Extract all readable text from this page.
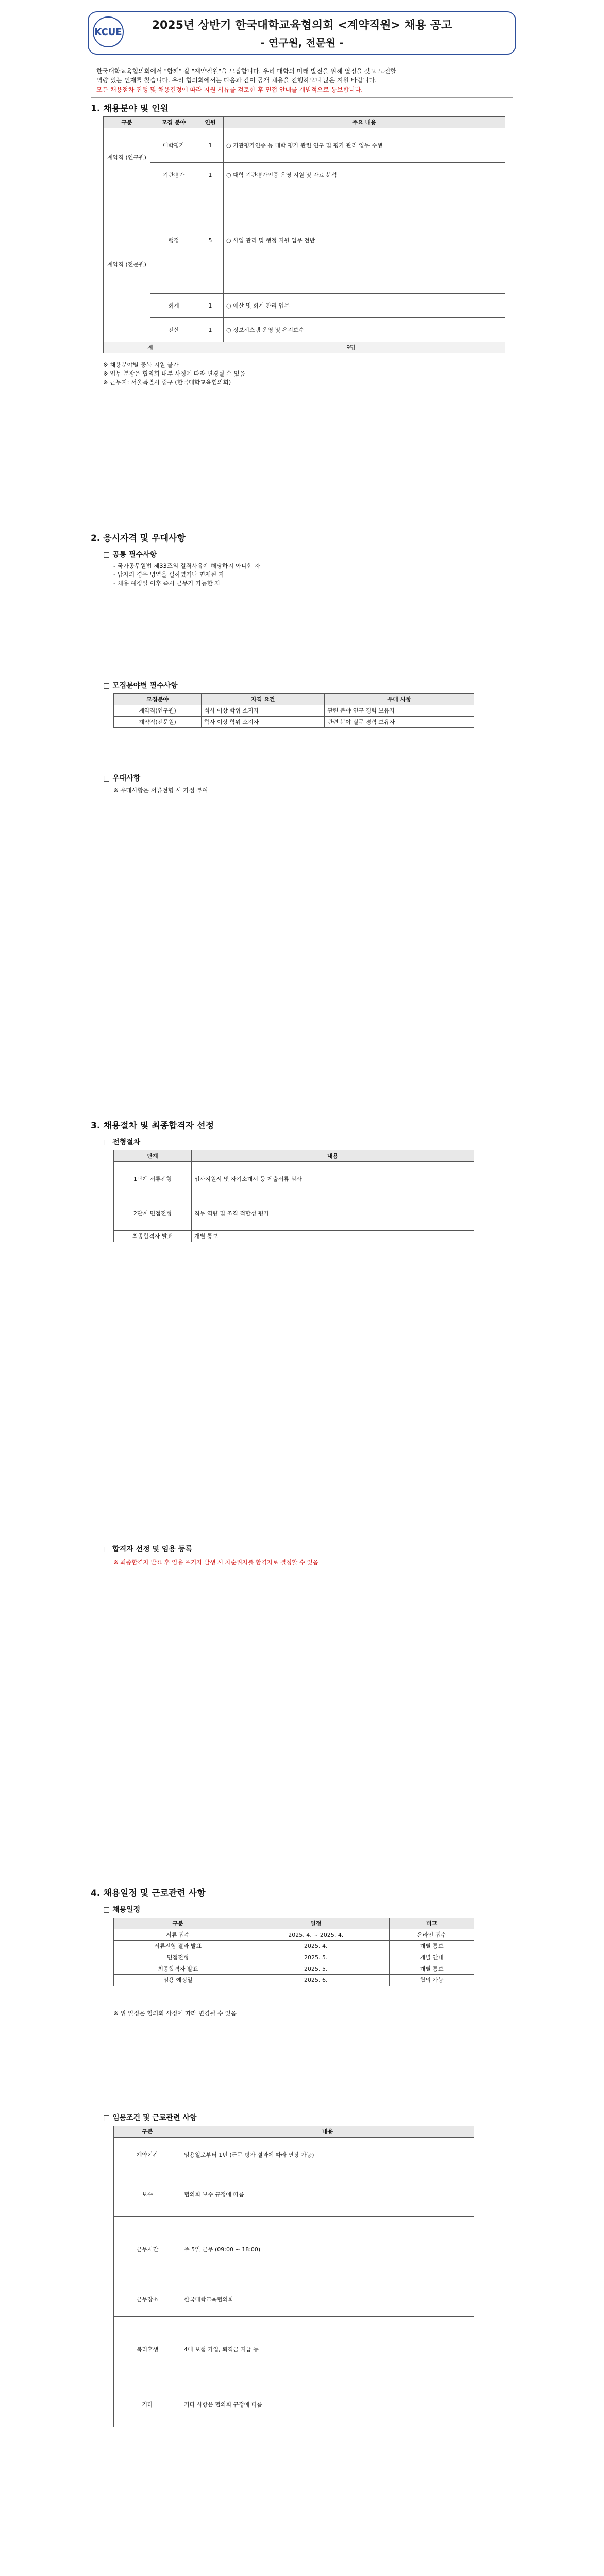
2025년 상반기 한국대학교육협의회 <계약직원> 채용 공고
- 연구원, 전문원 -
KCUE

한국대학교육협의회에서 "함께" 갈 "계약직원"을 모집합니다. 우리 대학의 미래 발전을 위해 열정을 갖고 도전할

역량 있는 인재를 찾습니다. 우리 협의회에서는 다음과 같이 공개 채용을 진행하오니 많은 지원 바랍니다.

모든 채용절차 진행 및 채용결정에 따라 지원 서류를 검토한 후 면접 안내를 개별적으로 통보합니다.

1. 채용분야 및 인원
구분	모집 분야	인원	주요 내용
계약직 (연구원)	대학평가	1	○ 기관평가인증 등 대학 평가 관련 연구 및 평가 관리 업무 수행
	기관평가	1	○ 대학 기관평가인증 운영 지원 및 자료 분석
계약직 (전문원)	행정	5	○ 사업 관리 및 행정 지원 업무 전반
	회계	1	○ 예산 및 회계 관리 업무
	전산	1	○ 정보시스템 운영 및 유지보수
계		9명	

※ 채용분야별 중복 지원 불가

※ 업무 분장은 협의회 내부 사정에 따라 변경될 수 있음

※ 근무지: 서울특별시 중구 (한국대학교육협의회)

2. 응시자격 및 우대사항
□ 공통 필수사항

- 국가공무원법 제33조의 결격사유에 해당하지 아니한 자

- 남자의 경우 병역을 필하였거나 면제된 자

- 채용 예정일 이후 즉시 근무가 가능한 자

□ 모집분야별 필수사항
모집분야	자격 요건	우대 사항
계약직(연구원)	석사 이상 학위 소지자	관련 분야 연구 경력 보유자
계약직(전문원)	학사 이상 학위 소지자	관련 분야 실무 경력 보유자
□ 우대사항
※ 우대사항은 서류전형 시 가점 부여
3. 채용절차 및 최종합격자 선정
□ 전형절차
단계	내용
1단계 서류전형	입사지원서 및 자기소개서 등 제출서류 심사
2단계 면접전형	직무 역량 및 조직 적합성 평가
최종합격자 발표	개별 통보
□ 합격자 선정 및 임용 등록
※ 최종합격자 발표 후 임용 포기자 발생 시 차순위자를 합격자로 결정할 수 있음
4. 채용일정 및 근로관련 사항
□ 채용일정
구분	일정	비고
서류 접수	2025. 4. ~ 2025. 4.	온라인 접수
서류전형 결과 발표	2025. 4.	개별 통보
면접전형	2025. 5.	개별 안내
최종합격자 발표	2025. 5.	개별 통보
임용 예정일	2025. 6.	협의 가능
※ 위 일정은 협의회 사정에 따라 변경될 수 있음
□ 임용조건 및 근로관련 사항
구분	내용
계약기간	임용일로부터 1년 (근무 평가 결과에 따라 연장 가능)
보수	협의회 보수 규정에 따름
근무시간	주 5일 근무 (09:00 ~ 18:00)
근무장소	한국대학교육협의회
복리후생	4대 보험 가입, 퇴직금 지급 등
기타	기타 사항은 협의회 규정에 따름
